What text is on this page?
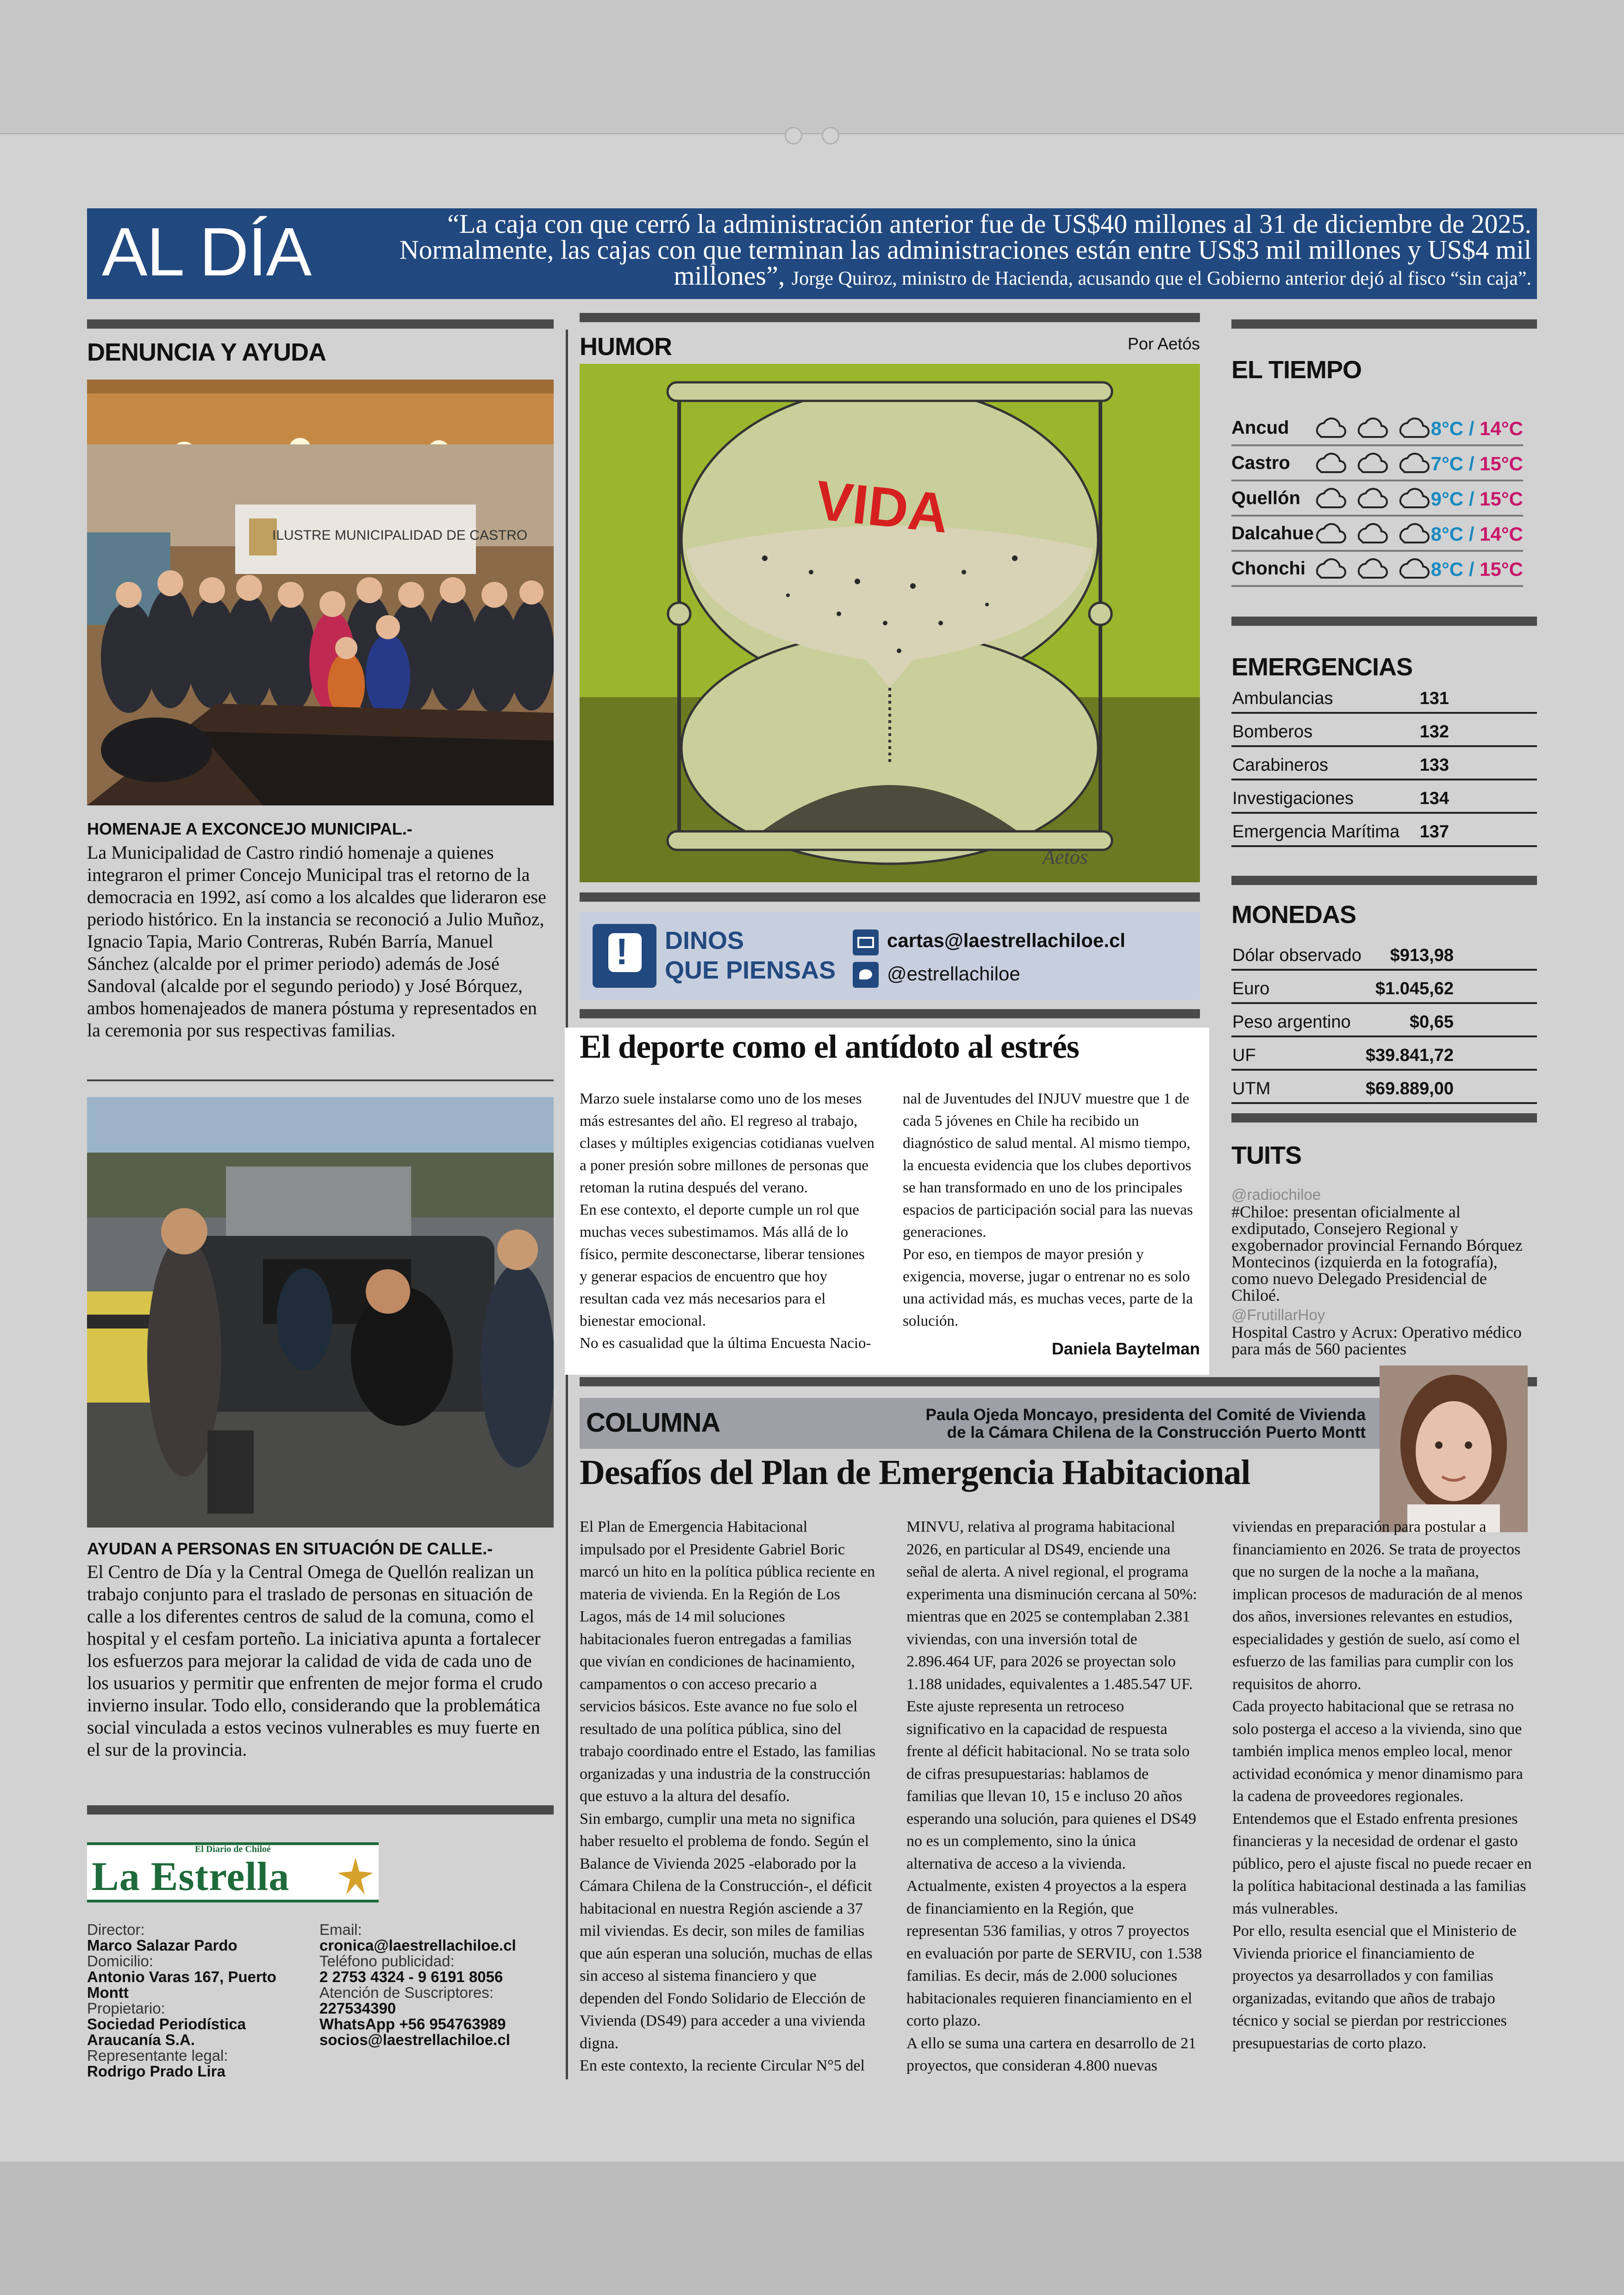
AL DÍA	“La caja con que cerró la administración anterior fue de US$40 millones al 31 de diciembre de 2025. Normalmente, las cajas con que terminan las administraciones están entre US$3 mil millones y US$4 mil millones”, Jorge Quiroz, ministro de Hacienda, acusando que el Gobierno anterior dejó al fisco “sin caja”.
DENUNCIA Y AYUDA
ILUSTRE MUNICIPALIDAD DE CASTRO
HOMENAJE A EXCONCEJO MUNICIPAL.-
La Municipalidad de Castro rindió homenaje a quienes integraron el primer Concejo Municipal tras el retorno de la democracia en 1992, así como a los alcaldes que lideraron ese periodo histórico. En la instancia se reconoció a Julio Muñoz, Ignacio Tapia, Mario Contreras, Rubén Barría, Manuel Sánchez (alcalde por el primer periodo) además de José Sandoval (alcalde por el segundo periodo) y José Bórquez, ambos homenajeados de manera póstuma y representados en la ceremonia por sus respectivas familias.
AYUDAN A PERSONAS EN SITUACIÓN DE CALLE.-
El Centro de Día y la Central Omega de Quellón realizan un trabajo conjunto para el traslado de personas en situación de calle a los diferentes centros de salud de la comuna, como el hospital y el cesfam porteño. La iniciativa apunta a fortalecer los esfuerzos para mejorar la calidad de vida de cada uno de los usuarios y permitir que enfrenten de mejor forma el crudo invierno insular. Todo ello, considerando que la problemática social vinculada a estos vecinos vulnerables es muy fuerte en el sur de la provincia.
El Diario de Chiloé
La Estrella
Director:
Marco Salazar Pardo
Domicilio:
Antonio Varas 167, Puerto Montt
Propietario:
Sociedad Periodística Araucanía S.A.
Representante legal:
Rodrigo Prado Lira
Email: cronica@laestrellachiloe.cl
Teléfono publicidad:
2 2753 4324 - 9 6191 8056
Atención de Suscriptores:
227534390
WhatsApp +56 954763989
socios@laestrellachiloe.cl
HUMOR	Por Aetós
VIDA
Aetós
! DINOS
QUE PIENSAS
cartas@laestrellachiloe.cl
@estrellachiloe
El deporte como el antídoto al estrés
Marzo suele instalarse como uno de los meses más estresantes del año. El regreso al trabajo, clases y múltiples exigencias cotidianas vuelven a poner presión sobre millones de personas que retoman la rutina después del verano.
En ese contexto, el deporte cumple un rol que muchas veces subestimamos. Más allá de lo físico, permite desconectarse, liberar tensiones y generar espacios de encuentro que hoy resultan cada vez más necesarios para el bienestar emocional.
No es casualidad que la última Encuesta Nacio-
nal de Juventudes del INJUV muestre que 1 de cada 5 jóvenes en Chile ha recibido un diagnóstico de salud mental. Al mismo tiempo, la encuesta evidencia que los clubes deportivos se han transformado en uno de los principales espacios de participación social para las nuevas generaciones.
Por eso, en tiempos de mayor presión y exigencia, moverse, jugar o entrenar no es solo una actividad más, es muchas veces, parte de la solución.
Daniela Baytelman
EL TIEMPO
Ancud	8°C / 14°C
Castro	7°C / 15°C
Quellón	9°C / 15°C
Dalcahue	8°C / 14°C
Chonchi	8°C / 15°C
EMERGENCIAS
Ambulancias	131
Bomberos	132
Carabineros	133
Investigaciones	134
Emergencia Marítima 137
MONEDAS
Dólar observado $913,98
Euro	$1.045,62
Peso argentino	$0,65
UF	$39.841,72
UTM	$69.889,00
TUITS
@radiochiloe
#Chiloe: presentan oficialmente al exdiputado, Consejero Regional y exgobernador provincial Fernando Bórquez Montecinos (izquierda en la fotografía), como nuevo Delegado Presidencial de Chiloé.
@FrutillarHoy
Hospital Castro y Acrux: Operativo médico para más de 560 pacientes
COLUMNA	Paula Ojeda Moncayo, presidenta del Comité de Vivienda
de la Cámara Chilena de la Construcción Puerto Montt
Desafíos del Plan de Emergencia Habitacional
El Plan de Emergencia Habitacional impulsado por el Presidente Gabriel Boric marcó un hito en la política pública reciente en materia de vivienda. En la Región de Los Lagos, más de 14 mil soluciones habitacionales fueron entregadas a familias que vivían en condiciones de hacinamiento, campamentos o con acceso precario a servicios básicos. Este avance no fue solo el resultado de una política pública, sino del trabajo coordinado entre el Estado, las familias organizadas y una industria de la construcción que estuvo a la altura del desafío.
Sin embargo, cumplir una meta no significa haber resuelto el problema de fondo. Según el Balance de Vivienda 2025 -elaborado por la Cámara Chilena de la Construcción-, el déficit habitacional en nuestra Región asciende a 37 mil viviendas. Es decir, son miles de familias que aún esperan una solución, muchas de ellas sin acceso al sistema financiero y que dependen del Fondo Solidario de Elección de Vivienda (DS49) para acceder a una vivienda digna.
En este contexto, la reciente Circular N°5 del
MINVU, relativa al programa habitacional 2026, en particular al DS49, enciende una señal de alerta. A nivel regional, el programa experimenta una disminución cercana al 50%: mientras que en 2025 se contemplaban 2.381 viviendas, con una inversión total de 2.896.464 UF, para 2026 se proyectan solo 1.188 unidades, equivalentes a 1.485.547 UF. Este ajuste representa un retroceso significativo en la capacidad de respuesta frente al déficit habitacional. No se trata solo de cifras presupuestarias: hablamos de familias que llevan 10, 15 e incluso 20 años esperando una solución, para quienes el DS49 no es un complemento, sino la única alternativa de acceso a la vivienda.
Actualmente, existen 4 proyectos a la espera de financiamiento en la Región, que representan 536 familias, y otros 7 proyectos en evaluación por parte de SERVIU, con 1.538 familias. Es decir, más de 2.000 soluciones habitacionales requieren financiamiento en el corto plazo.
A ello se suma una cartera en desarrollo de 21 proyectos, que consideran 4.800 nuevas
viviendas en preparación para postular a financiamiento en 2026. Se trata de proyectos que no surgen de la noche a la mañana, implican procesos de maduración de al menos dos años, inversiones relevantes en estudios, especialidades y gestión de suelo, así como el esfuerzo de las familias para cumplir con los requisitos de ahorro.
Cada proyecto habitacional que se retrasa no solo posterga el acceso a la vivienda, sino que también implica menos empleo local, menor actividad económica y menor dinamismo para la cadena de proveedores regionales.
Entendemos que el Estado enfrenta presiones financieras y la necesidad de ordenar el gasto público, pero el ajuste fiscal no puede recaer en la política habitacional destinada a las familias más vulnerables.
Por ello, resulta esencial que el Ministerio de Vivienda priorice el financiamiento de proyectos ya desarrollados y con familias organizadas, evitando que años de trabajo técnico y social se pierdan por restricciones presupuestarias de corto plazo.
